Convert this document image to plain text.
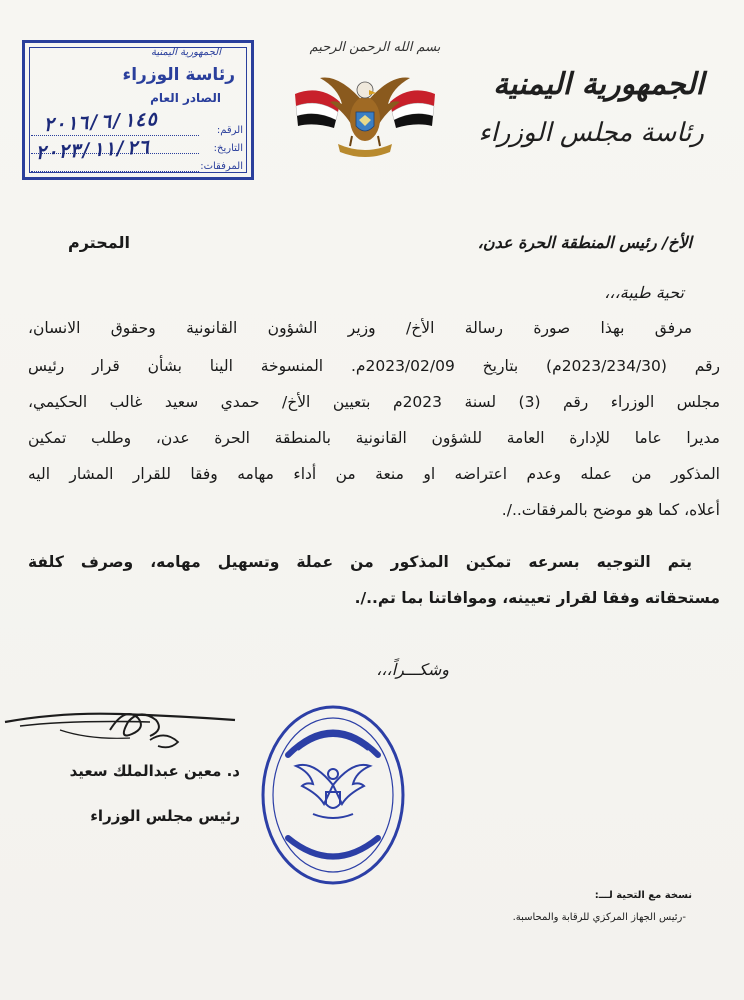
الجمهورية اليمنية
رئاسة مجلس الوزراء
بسم الله الرحمن الرحيم
الجمهورية اليمنية
رئاسة الوزراء
الصادر العام
الرقم:
٢٠١٦/٦/١٤٥
التاريخ:
٢٠٢٣/١١/٢٦
المرفقات:
الأخ/ رئيس المنطقة الحرة عدن،
المحترم
تحية طيبة،،،
مرفق بهذا صورة رسالة الأخ/ وزير الشؤون القانونية وحقوق الانسان،
رقم (2023/234/30م) بتاريخ 2023/02/09م. المنسوخة الينا بشأن قرار رئيس
مجلس الوزراء رقم (3) لسنة 2023م بتعيين الأخ/ حمدي سعيد غالب الحكيمي،
مديرا عاما للإدارة العامة للشؤون القانونية بالمنطقة الحرة عدن، وطلب تمكين
المذكور من عمله وعدم اعتراضه او منعة من أداء مهامه وفقا للقرار المشار اليه
أعلاه، كما هو موضح بالمرفقات../.
يتم التوجيه بسرعه تمكين المذكور من عملة وتسهيل مهامه، وصرف كلفة
مستحقاته وفقا لقرار تعيينه، وموافاتنا بما تم../.
وشكـــراً،،،
د. معين عبدالملك سعيد
رئيس مجلس الوزراء
نسخة مع التحية لـــ:
-رئيس الجهاز المركزي للرقابة والمحاسبة.
